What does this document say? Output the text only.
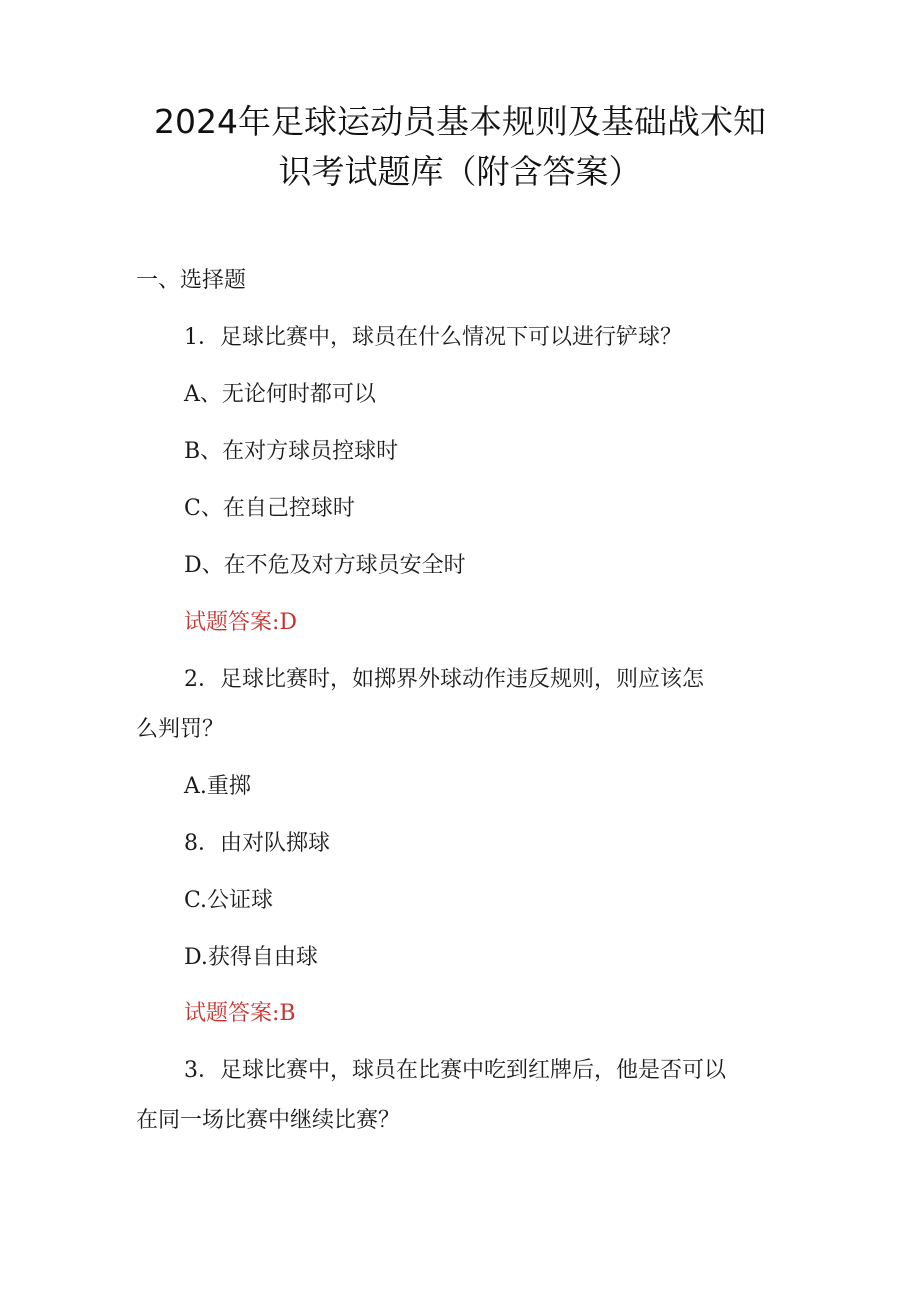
2024年足球运动员基本规则及基础战术知
识考试题库（附含答案）
一、选择题
1．足球比赛中，球员在什么情况下可以进行铲球？
A、无论何时都可以
B、在对方球员控球时
C、在自己控球时
D、在不危及对方球员安全时
试题答案:D
2．足球比赛时，如掷界外球动作违反规则，则应该怎
么判罚？
A.重掷
8．由对队掷球
C.公证球
D.获得自由球
试题答案:B
3．足球比赛中，球员在比赛中吃到红牌后，他是否可以
在同一场比赛中继续比赛？
